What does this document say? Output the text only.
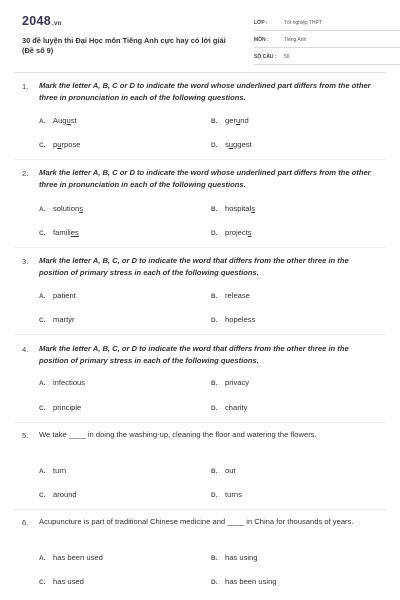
2048.vn
30 đề luyện thi Đại Học môn Tiếng Anh cực hay có lời giải
(Đề số 9)
LỚP :	Tốt nghiệp THPT
MÔN :	Tiếng Anh
SỐ CÂU :	50
1. Mark the letter A, B, C or D to indicate the word whose underlined part differs from the other three in pronunciation in each of the following questions.
A. August	B. gerund
C. purpose	D. suggest
2. Mark the letter A, B, C or D to indicate the word whose underlined part differs from the other three in pronunciation in each of the following questions.
A. solutions	B. hospitals
C. families	D. projects
3. Mark the letter A, B, C, or D to indicate the word that differs from the other three in the position of primary stress in each of the following questions.
A. patient	B. release
C. martyr	D. hopeless
4. Mark the letter A, B, C, or D to indicate the word that differs from the other three in the position of primary stress in each of the following questions.
A. infectious	B. privacy
C. principle	D. charity
5. We take ____ in doing the washing-up, cleaning the floor and watering the flowers.
A. turn	B. out
C. around	D. turns
6. Acupuncture is part of traditional Chinese medicine and ____ in China for thousands of years.
A. has been used	B. has using
C. has used	D. has been using
